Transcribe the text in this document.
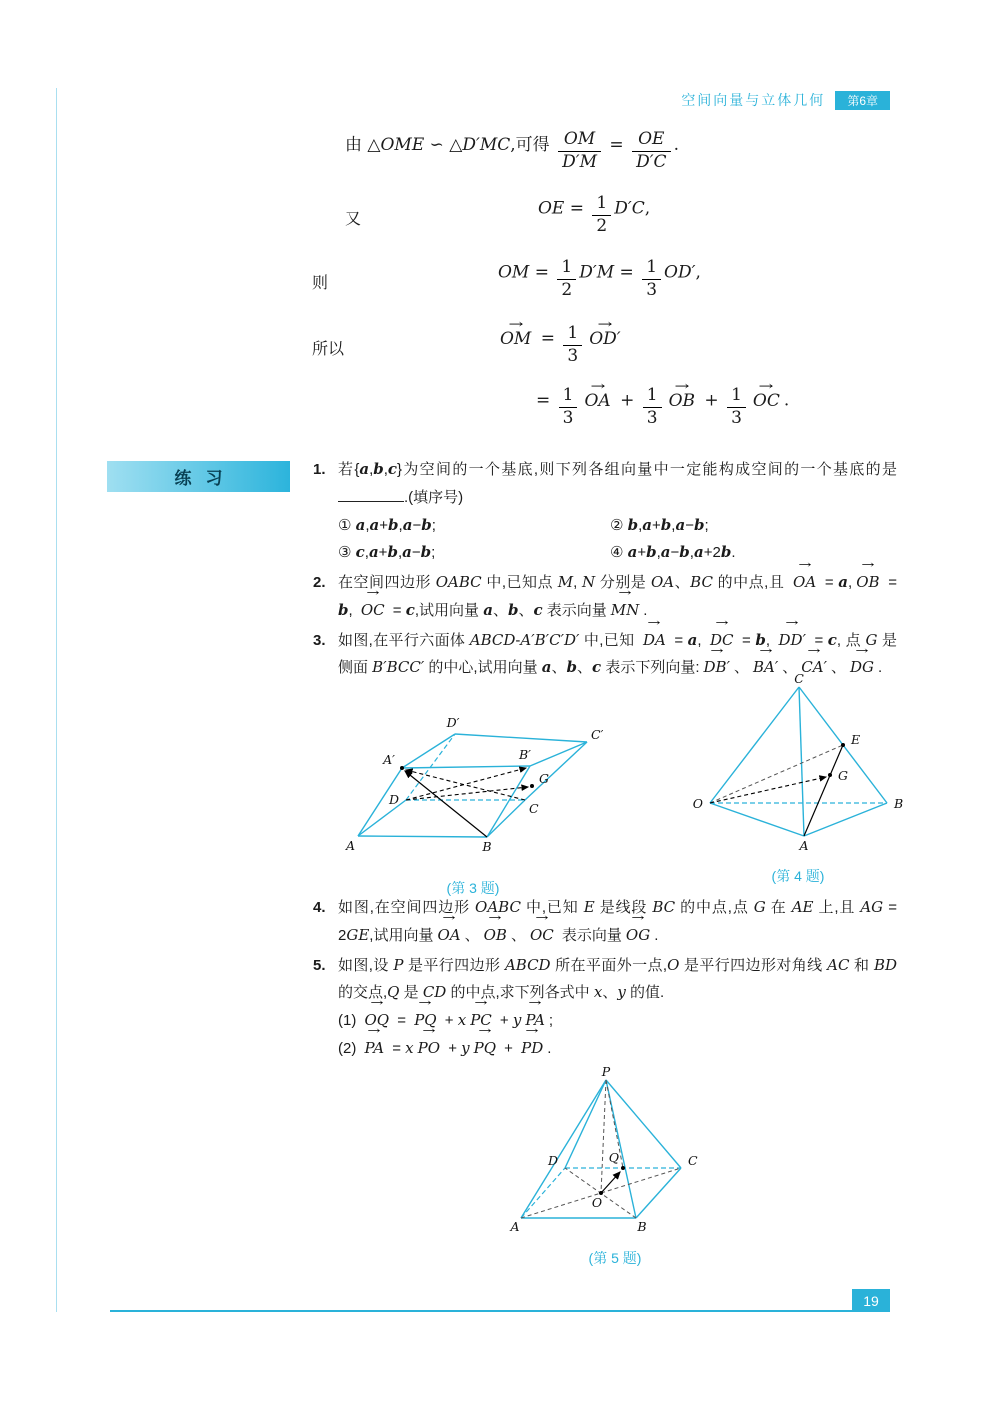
空间向量与立体几何	第6章
由 △OME ∽ △D′MC,可得 $\frac{OM}{D'M} = \frac{OE}{D'C}$ .
又
OE = $\frac{1}{2} D'C$,
则
OM = $\frac{1}{2} D'M = \frac{1}{3} OD'$,
所以
OM → = $\frac{1}{3} OD'$ →
= $\frac{1}{3}$ OA → + $\frac{1}{3}$ OB → + $\frac{1}{3}$ OC → .
练习	1. 若{a,b,c}为空间的一个基底,则下列各组向量中一定能构成空间的一个基底的是.(填序号)
① a,a+b,a−b;	② b,a+b,a−b;
③ c,a+b,a−b;	④ a+b,a−b,a+2b.
2. 在空间四边形 OABC 中,已知点 M, N 分别是 OA、BC 的中点,且 OA → = a, OB → = b, OC → = c,试用向量 a、b、c 表示向量 MN → .
3. 如图,在平行六面体 ABCD-A′B′C′D′ 中,已知 DA → = a, DC → = b, DD′ → = c, 点 G 是侧面 B′BCC′ 的中心,试用向量 a、b、c 表示下列向量: DB′ → 、 BA′ → 、 CA′ → 、 DG → .
A	B
C
D
A′	B′
C′
D′
G
(第 3 题)
C
O	B
A
E
G
(第 4 题)
4. 如图,在空间四边形 OABC 中,已知 E 是线段 BC 的中点,点 G 在 AE 上,且 AG = 2GE,试用向量 OA → 、 OB → 、 OC → 表示向量 OG → .
5. 如图,设 P 是平行四边形 ABCD 所在平面外一点,O 是平行四边形对角线 AC 和 BD 的交点,Q 是 CD 的中点,求下列各式中 x、y 的值.
(1) OQ → = PQ → + x PC → + y PA → ;
(2) PA → = x PO → + y PQ → + PD → .
P
D	C
A	B
O
Q
(第 5 题)
19
